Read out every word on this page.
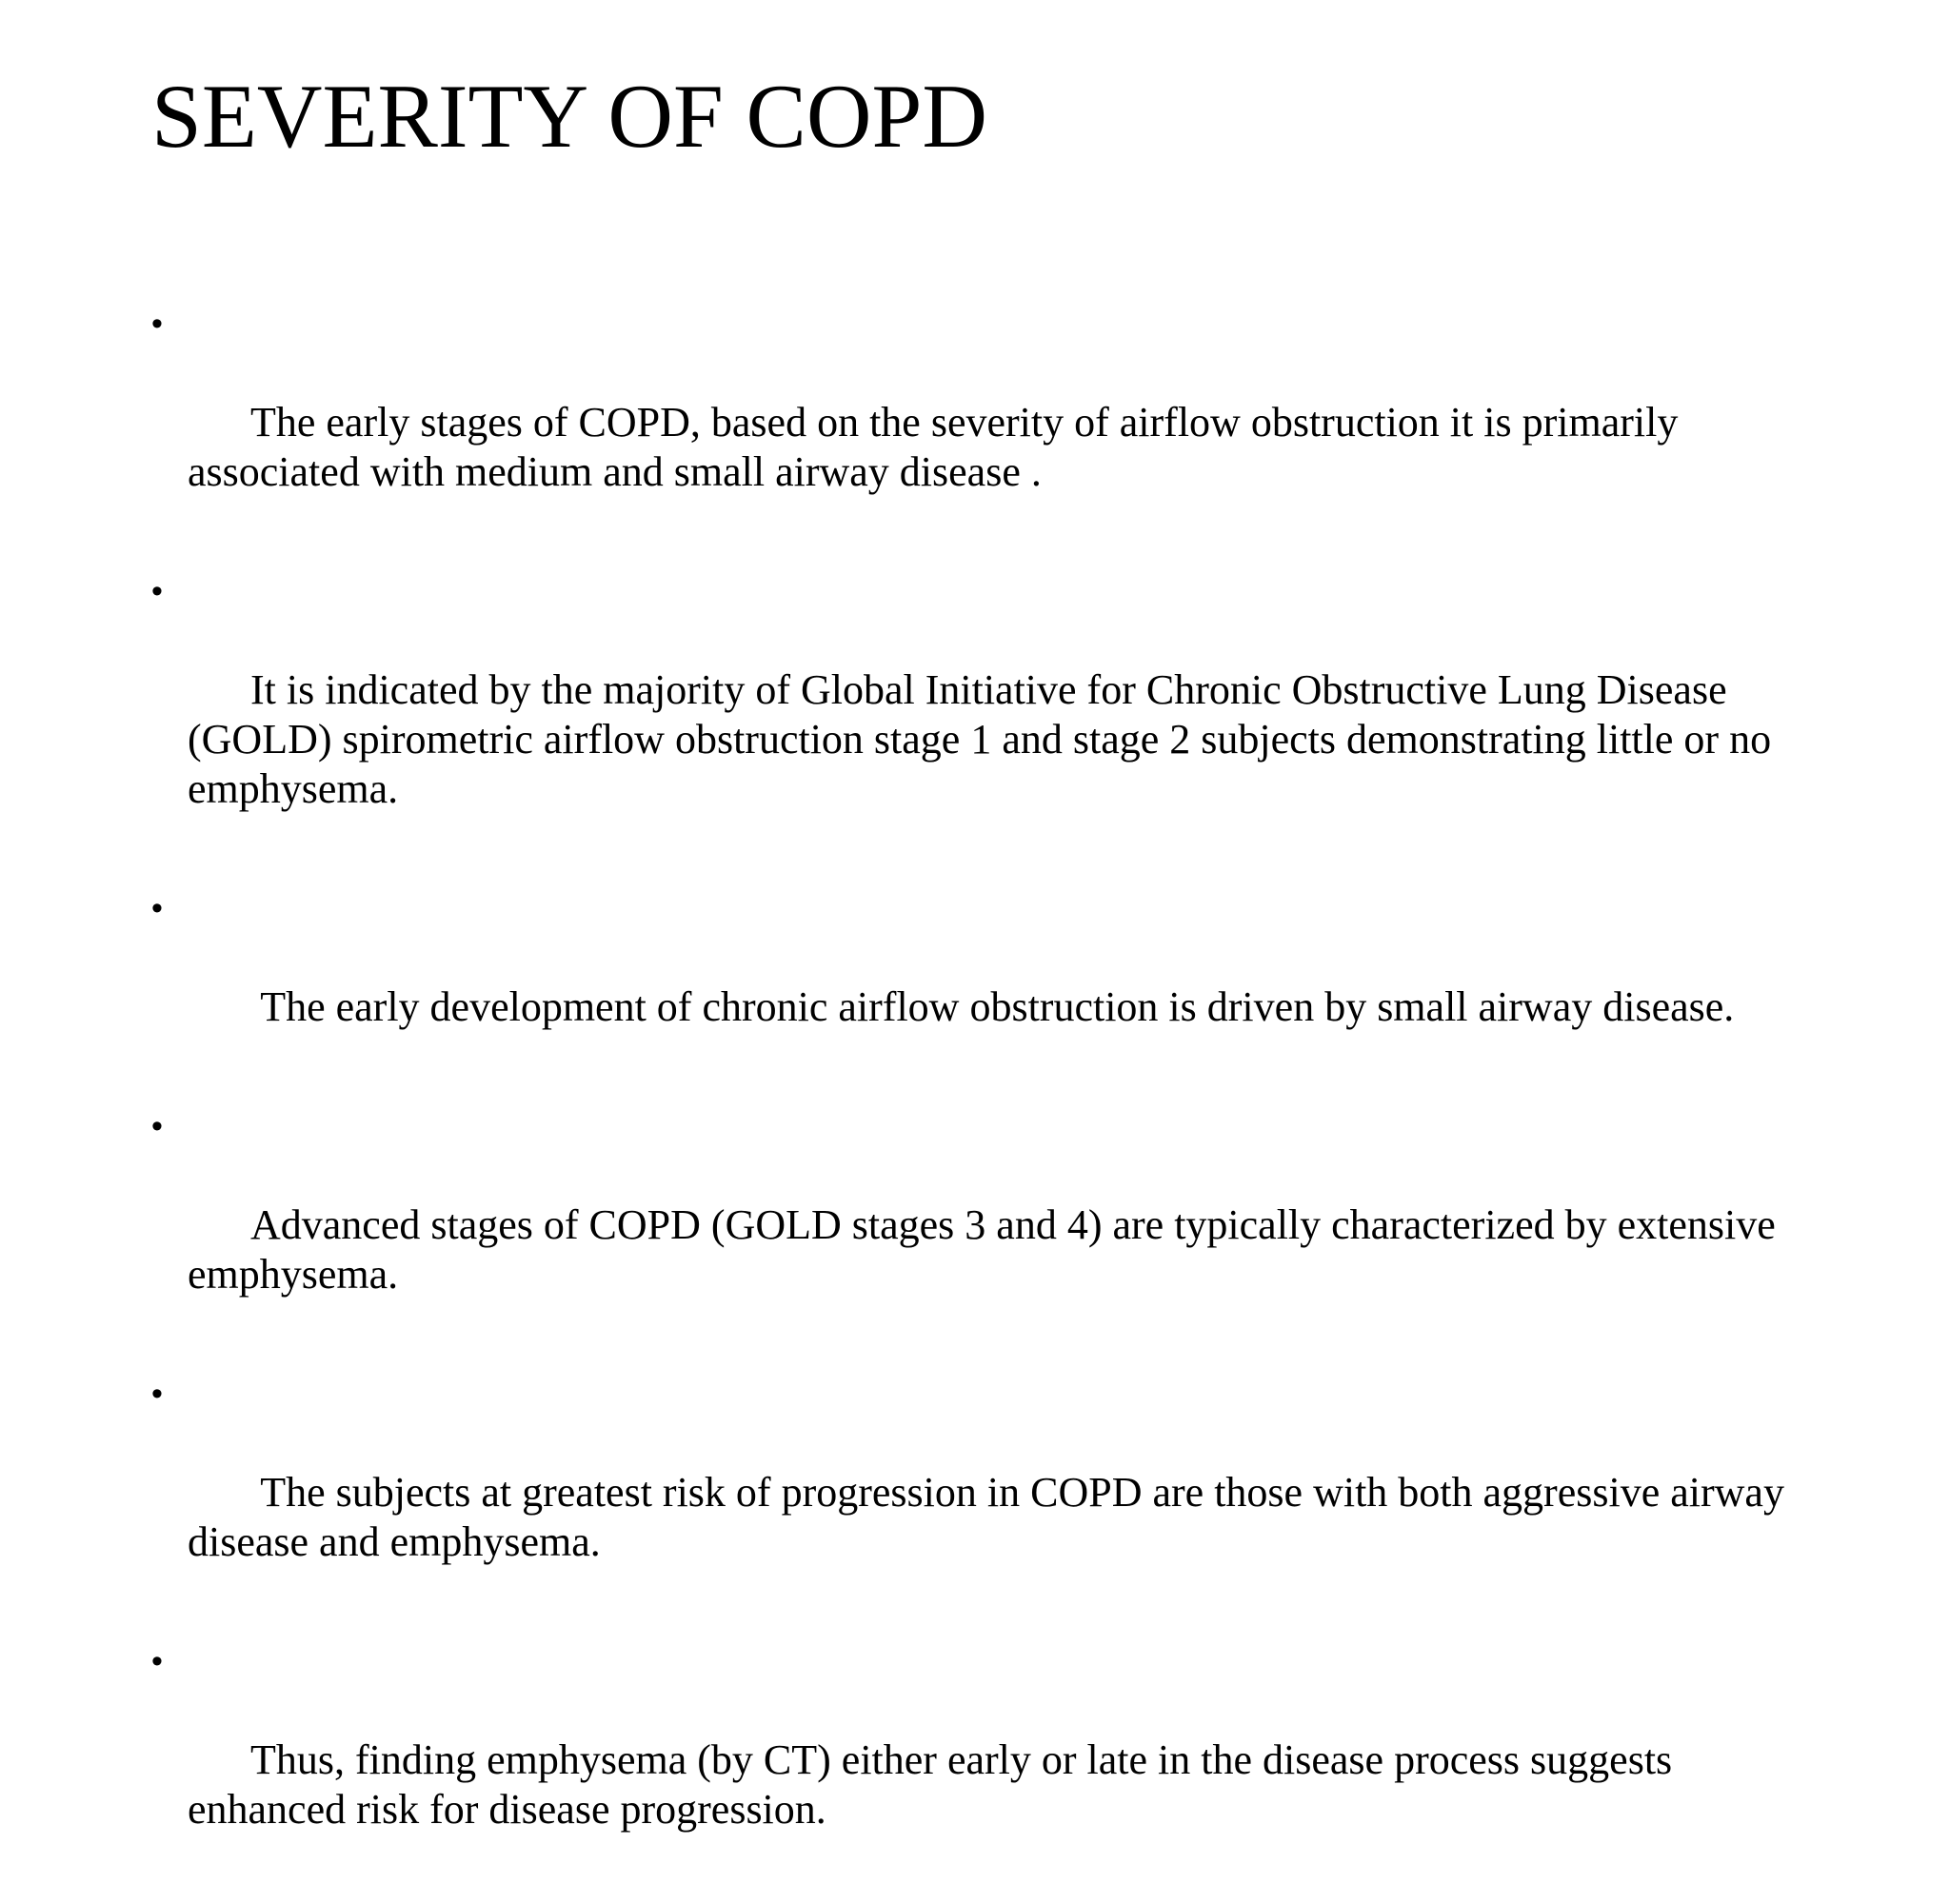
SEVERITY OF COPD

•

The early stages of COPD, based on the severity of airflow obstruction it is primarily associated with medium and small airway disease .

•

It is indicated by the majority of Global Initiative for Chronic Obstructive Lung Disease (GOLD) spirometric airflow obstruction stage 1 and stage 2 subjects demonstrating little or no emphysema.

•

The early development of chronic airflow obstruction is driven by small airway disease.

•

Advanced stages of COPD (GOLD stages 3 and 4) are typically characterized by extensive emphysema.

•

The subjects at greatest risk of progression in COPD are those with both aggressive airway disease and emphysema.

•

Thus, finding emphysema (by CT) either early or late in the disease process suggests enhanced risk for disease progression.
